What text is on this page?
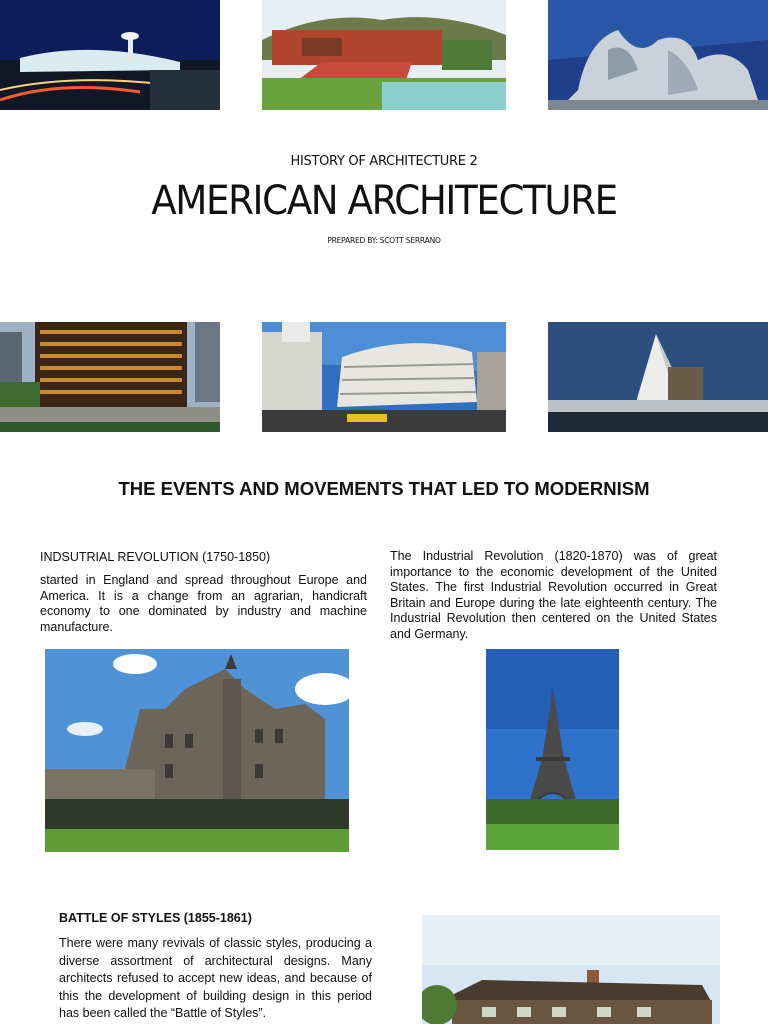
HISTORY OF ARCHITECTURE 2
AMERICAN ARCHITECTURE
PREPARED BY: SCOTT SERRANO
THE EVENTS AND MOVEMENTS THAT LED TO MODERNISM
INDSUTRIAL REVOLUTION (1750-1850)
started in England and spread throughout Europe and America. It is a change from an agrarian, handicraft economy to one dominated by industry and machine manufacture.
The Industrial Revolution (1820-1870) was of great importance to the economic development of the United States. The first Industrial Revolution occurred in Great Britain and Europe during the late eighteenth century. The Industrial Revolution then centered on the United States and Germany.
BATTLE OF STYLES (1855-1861)
There were many revivals of classic styles, producing a diverse assortment of architectural designs. Many architects refused to accept new ideas, and because of this the development of building design in this period has been called the “Battle of Styles”.
